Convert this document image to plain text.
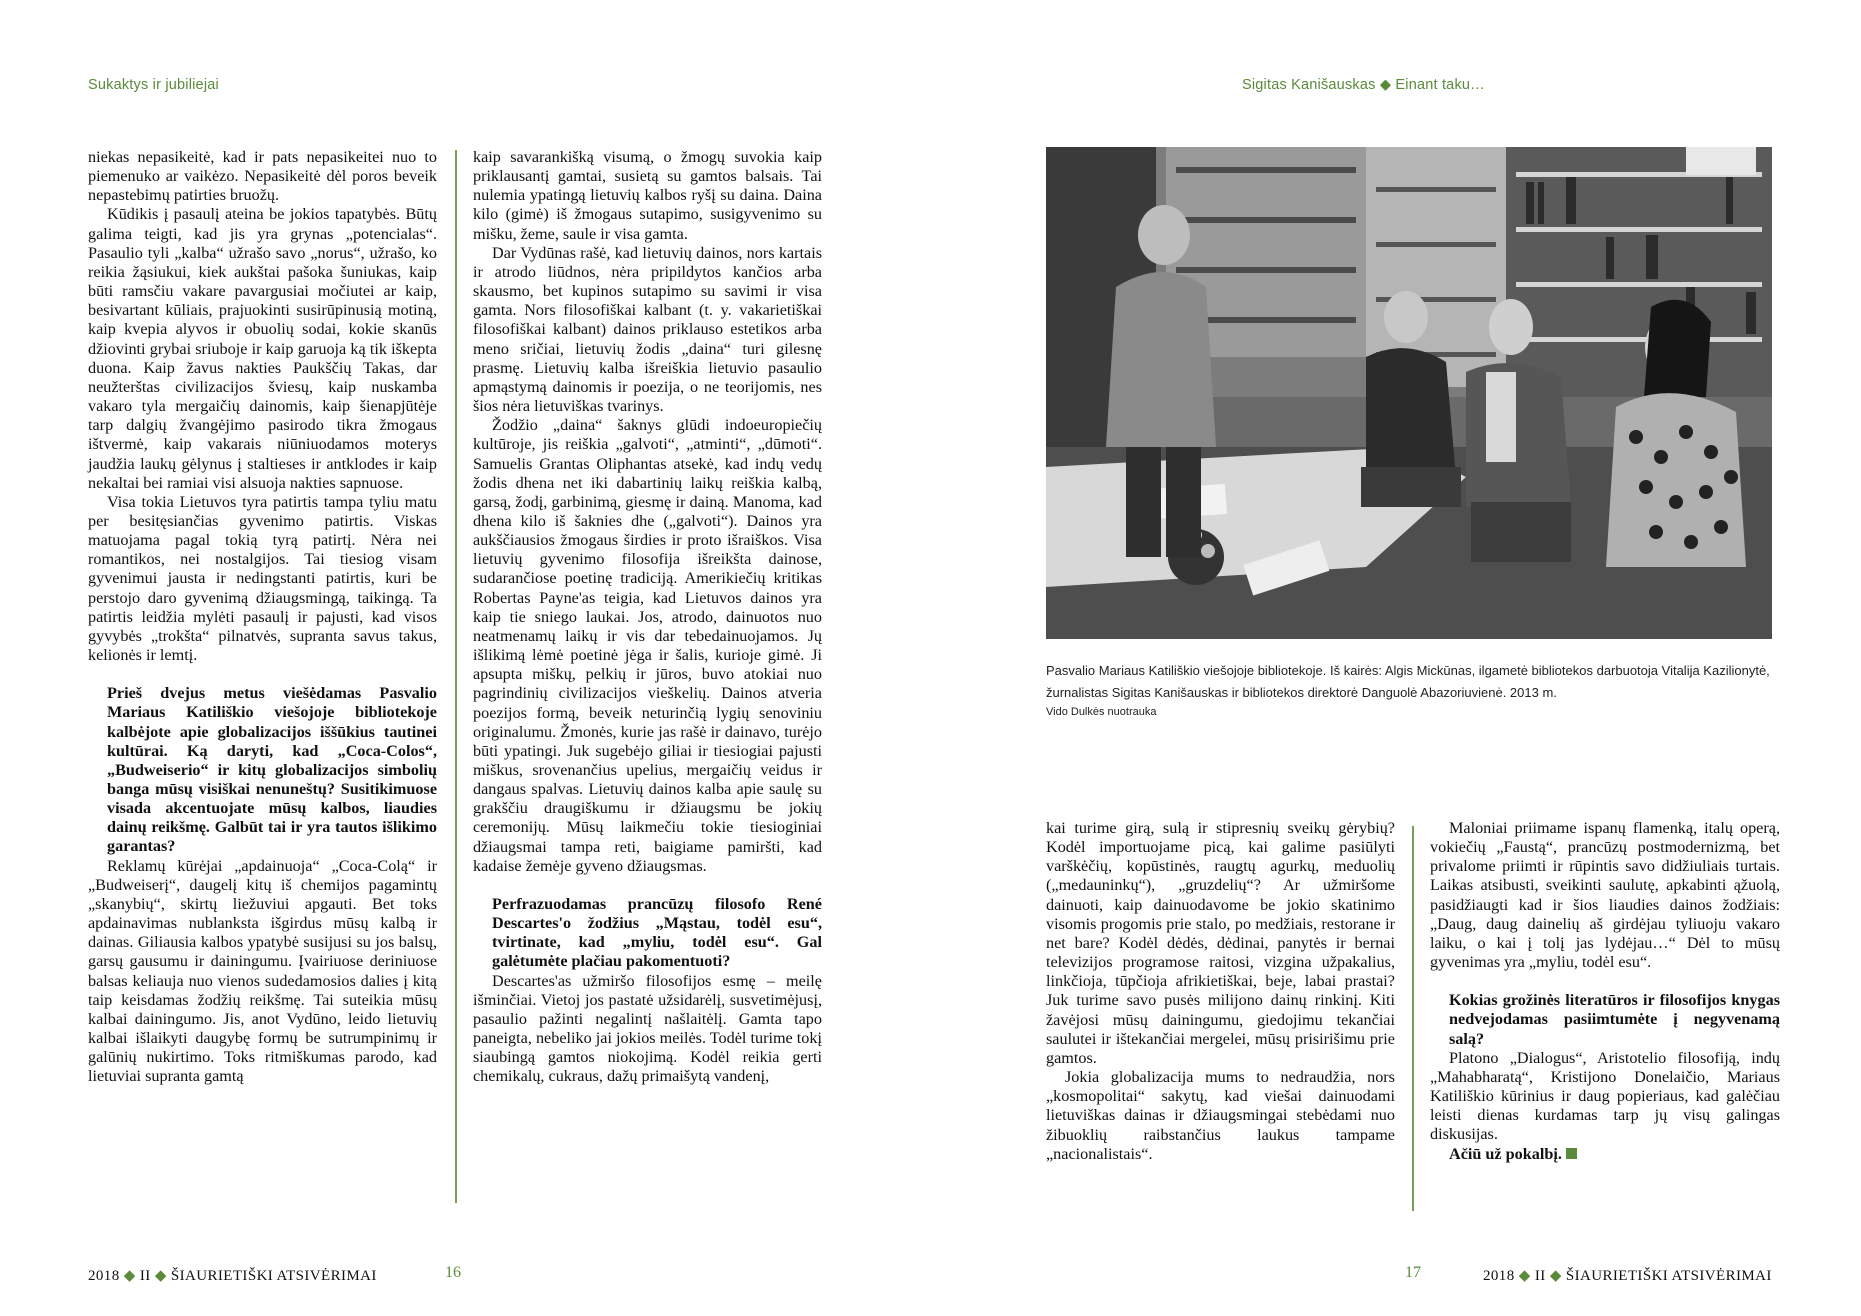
Sukaktys ir jubiliejai

niekas nepasikeitė, kad ir pats nepasikeitei nuo to piemenuko ar vaikėzo. Nepasikeitė dėl poros beveik nepastebimų patirties bruožų.

Kūdikis į pasaulį ateina be jokios tapatybės. Būtų galima teigti, kad jis yra grynas „potencialas“. Pasaulio tyli „kalba“ užrašo savo „norus“, užrašo, ko reikia žąsiukui, kiek aukštai pašoka šuniukas, kaip būti ramsčiu vakare pavargusiai močiutei ar kaip, besivartant kūliais, prajuokinti susirūpinusią motiną, kaip kvepia alyvos ir obuolių sodai, kokie skanūs džiovinti grybai sriuboje ir kaip garuoja ką tik iškepta duona. Kaip žavus nakties Paukščių Takas, dar neužterštas civilizacijos šviesų, kaip nuskamba vakaro tyla mergaičių dainomis, kaip šienapjūtėje tarp dalgių žvangėjimo pasirodo tikra žmogaus ištvermė, kaip vakarais niūniuodamos moterys jaudžia laukų gėlynus į staltieses ir antklodes ir kaip nekaltai bei ramiai visi alsuoja nakties sapnuose.

Visa tokia Lietuvos tyra patirtis tampa tyliu matu per besitęsiančias gyvenimo patirtis. Viskas matuojama pagal tokią tyrą patirtį. Nėra nei romantikos, nei nostalgijos. Tai tiesiog visam gyvenimui jausta ir nedingstanti patirtis, kuri be perstojo daro gyvenimą džiaugsmingą, taikingą. Ta patirtis leidžia mylėti pasaulį ir pajusti, kad visos gyvybės „trokšta“ pilnatvės, supranta savus takus, kelionės ir lemtį.

Prieš dvejus metus viešėdamas Pasvalio Mariaus Katiliškio viešojoje bibliotekoje kalbėjote apie globalizacijos iššūkius tautinei kultūrai. Ką daryti, kad „Coca-Colos“, „Budweiserio“ ir kitų globalizacijos simbolių banga mūsų visiškai nenuneštų? Susitikimuose visada akcentuojate mūsų kalbos, liaudies dainų reikšmę. Galbūt tai ir yra tautos išlikimo garantas?

Reklamų kūrėjai „apdainuoja“ „Coca-Colą“ ir „Budweiserį“, daugelį kitų iš chemijos pagamintų „skanybių“, skirtų liežuviui apgauti. Bet toks apdainavimas nublanksta išgirdus mūsų kalbą ir dainas. Giliausia kalbos ypatybė susijusi su jos balsų, garsų gausumu ir dainingumu. Įvairiuose deriniuose balsas keliauja nuo vienos sudedamosios dalies į kitą taip keisdamas žodžių reikšmę. Tai suteikia mūsų kalbai dainingumo. Jis, anot Vydūno, leido lietuvių kalbai išlaikyti daugybę formų be sutrumpinimų ir galūnių nukirtimo. Toks ritmiškumas parodo, kad lietuviai supranta gamtą

kaip savarankišką visumą, o žmogų suvokia kaip priklausantį gamtai, susietą su gamtos balsais. Tai nulemia ypatingą lietuvių kalbos ryšį su daina. Daina kilo (gimė) iš žmogaus sutapimo, susigyvenimo su mišku, žeme, saule ir visa gamta.

Dar Vydūnas rašė, kad lietuvių dainos, nors kartais ir atrodo liūdnos, nėra pripildytos kančios arba skausmo, bet kupinos sutapimo su savimi ir visa gamta. Nors filosofiškai kalbant (t. y. vakarietiškai filosofiškai kalbant) dainos priklauso estetikos arba meno sričiai, lietuvių žodis „daina“ turi gilesnę prasmę. Lietuvių kalba išreiškia lietuvio pasaulio apmąstymą dainomis ir poezija, o ne teorijomis, nes šios nėra lietuviškas tvarinys.

Žodžio „daina“ šaknys glūdi indoeuropiečių kultūroje, jis reiškia „galvoti“, „atminti“, „dūmoti“. Samuelis Grantas Oliphantas atsekė, kad indų vedų žodis dhena net iki dabartinių laikų reiškia kalbą, garsą, žodį, garbinimą, giesmę ir dainą. Manoma, kad dhena kilo iš šaknies dhe („galvoti“). Dainos yra aukščiausios žmogaus širdies ir proto išraiškos. Visa lietuvių gyvenimo filosofija išreikšta dainose, sudarančiose poetinę tradiciją. Amerikiečių kritikas Robertas Payne'as teigia, kad Lietuvos dainos yra kaip tie sniego laukai. Jos, atrodo, dainuotos nuo neatmenamų laikų ir vis dar tebedainuojamos. Jų išlikimą lėmė poetinė jėga ir šalis, kurioje gimė. Ji apsupta miškų, pelkių ir jūros, buvo atokiai nuo pagrindinių civilizacijos vieškelių. Dainos atveria poezijos formą, beveik neturinčią lygių senoviniu originalumu. Žmonės, kurie jas rašė ir dainavo, turėjo būti ypatingi. Juk sugebėjo giliai ir tiesiogiai pajusti miškus, srovenančius upelius, mergaičių veidus ir dangaus spalvas. Lietuvių dainos kalba apie saulę su grakščiu draugiškumu ir džiaugsmu be jokių ceremonijų. Mūsų laikmečiu tokie tiesioginiai džiaugsmai tampa reti, baigiame pamiršti, kad kadaise žemėje gyveno džiaugsmas.

Perfrazuodamas prancūzų filosofo René Descartes'o žodžius „Mąstau, todėl esu“, tvirtinate, kad „myliu, todėl esu“. Gal galėtumėte plačiau pakomentuoti?

Descartes'as užmiršo filosofijos esmę – meilę išminčiai. Vietoj jos pastatė užsidarėlį, susvetimėjusį, pasaulio pažinti negalintį našlaitėlį. Gamta tapo paneigta, nebeliko jai jokios meilės. Todėl turime tokį siaubingą gamtos niokojimą. Kodėl reikia gerti chemikalų, cukraus, dažų primaišytą vandenį,

2018 ◆ II ◆ ŠIAURIETIŠKI ATSIVĖRIMAI	16
Sigitas Kanišauskas ◆ Einant taku…
Pasvalio Mariaus Katiliškio viešojoje bibliotekoje. Iš kairės: Algis Mickūnas, ilgametė bibliotekos darbuotoja Vitalija Kazilionytė, žurnalistas Sigitas Kanišauskas ir bibliotekos direktorė Danguolė Abazoriuvienė. 2013 m.
Vido Dulkės nuotrauka

kai turime girą, sulą ir stipresnių sveikų gėrybių? Kodėl importuojame picą, kai galime pasiūlyti varškėčių, kopūstinės, raugtų agurkų, meduolių („medauninkų“), „gruzdelių“? Ar užmiršome dainuoti, kaip dainuodavome be jokio skatinimo visomis progomis prie stalo, po medžiais, restorane ir net bare? Kodėl dėdės, dėdinai, panytės ir bernai televizijos programose raitosi, vizgina užpakalius, linkčioja, tūpčioja afrikietiškai, beje, labai prastai? Juk turime savo pusės milijono dainų rinkinį. Kiti žavėjosi mūsų dainingumu, giedojimu tekančiai saulutei ir ištekančiai mergelei, mūsų prisirišimu prie gamtos.

Jokia globalizacija mums to nedraudžia, nors „kosmopolitai“ sakytų, kad viešai dainuodami lietuviškas dainas ir džiaugsmingai stebėdami nuo žibuoklių raibstančius laukus tampame „nacionalistais“.

Maloniai priimame ispanų flamenką, italų operą, vokiečių „Faustą“, prancūzų postmodernizmą, bet privalome priimti ir rūpintis savo didžiuliais turtais. Laikas atsibusti, sveikinti saulutę, apkabinti ąžuolą, pasidžiaugti kad ir šios liaudies dainos žodžiais: „Daug, daug dainelių aš girdėjau tyliuoju vakaro laiku, o kai į tolį jas lydėjau…“ Dėl to mūsų gyvenimas yra „myliu, todėl esu“.

Kokias grožinės literatūros ir filosofijos knygas nedvejodamas pasiimtumėte į negyvenamą salą?

Platono „Dialogus“, Aristotelio filosofiją, indų „Mahabharatą“, Kristijono Donelaičio, Mariaus Katiliškio kūrinius ir daug popieriaus, kad galėčiau leisti dienas kurdamas tarp jų visų galingas diskusijas.

Ačiū už pokalbį.

17	2018 ◆ II ◆ ŠIAURIETIŠKI ATSIVĖRIMAI
